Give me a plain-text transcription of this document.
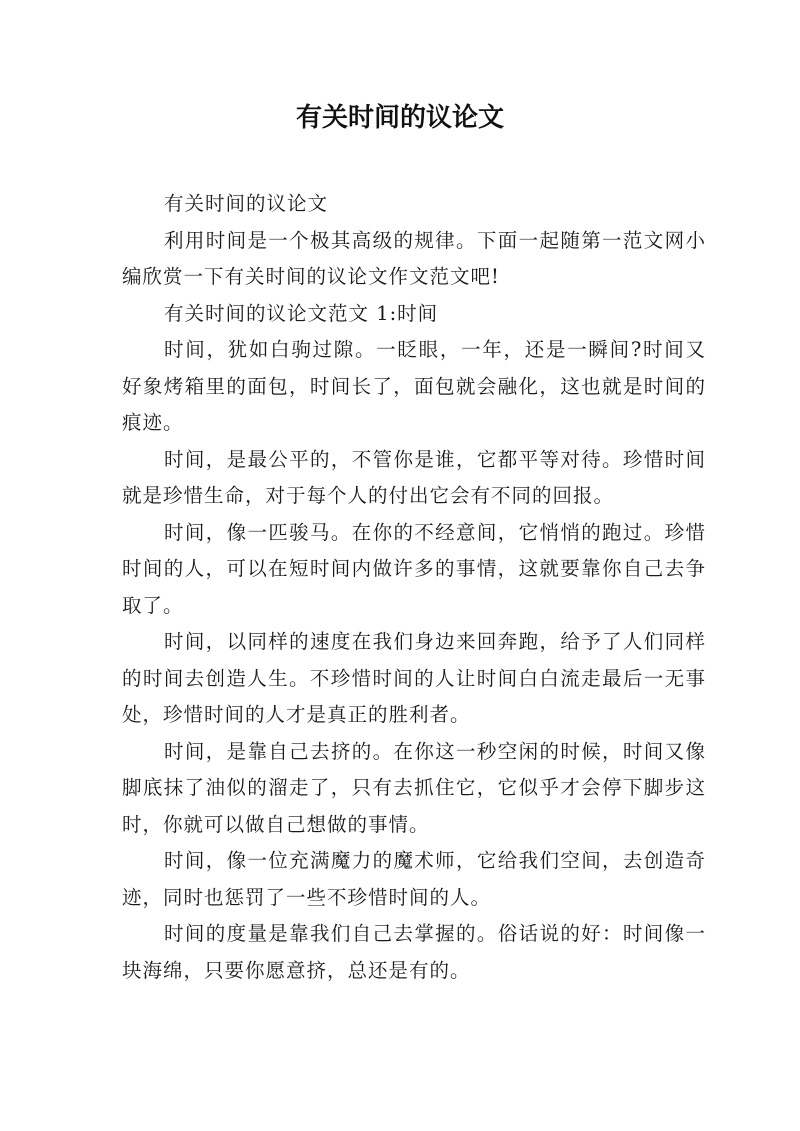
有关时间的议论文

有关时间的议论文

利用时间是一个极其高级的规律。下面一起随第一范文网小编欣赏一下有关时间的议论文作文范文吧!

有关时间的议论文范文 1:时间

时间，犹如白驹过隙。一眨眼，一年，还是一瞬间?时间又好象烤箱里的面包，时间长了，面包就会融化，这也就是时间的痕迹。

时间，是最公平的，不管你是谁，它都平等对待。珍惜时间就是珍惜生命，对于每个人的付出它会有不同的回报。

时间，像一匹骏马。在你的不经意间，它悄悄的跑过。珍惜时间的人，可以在短时间内做许多的事情，这就要靠你自己去争取了。

时间，以同样的速度在我们身边来回奔跑，给予了人们同样的时间去创造人生。不珍惜时间的人让时间白白流走最后一无事处，珍惜时间的人才是真正的胜利者。

时间，是靠自己去挤的。在你这一秒空闲的时候，时间又像脚底抹了油似的溜走了，只有去抓住它，它似乎才会停下脚步这时，你就可以做自己想做的事情。

时间，像一位充满魔力的魔术师，它给我们空间，去创造奇迹，同时也惩罚了一些不珍惜时间的人。

时间的度量是靠我们自己去掌握的。俗话说的好：时间像一块海绵，只要你愿意挤，总还是有的。
